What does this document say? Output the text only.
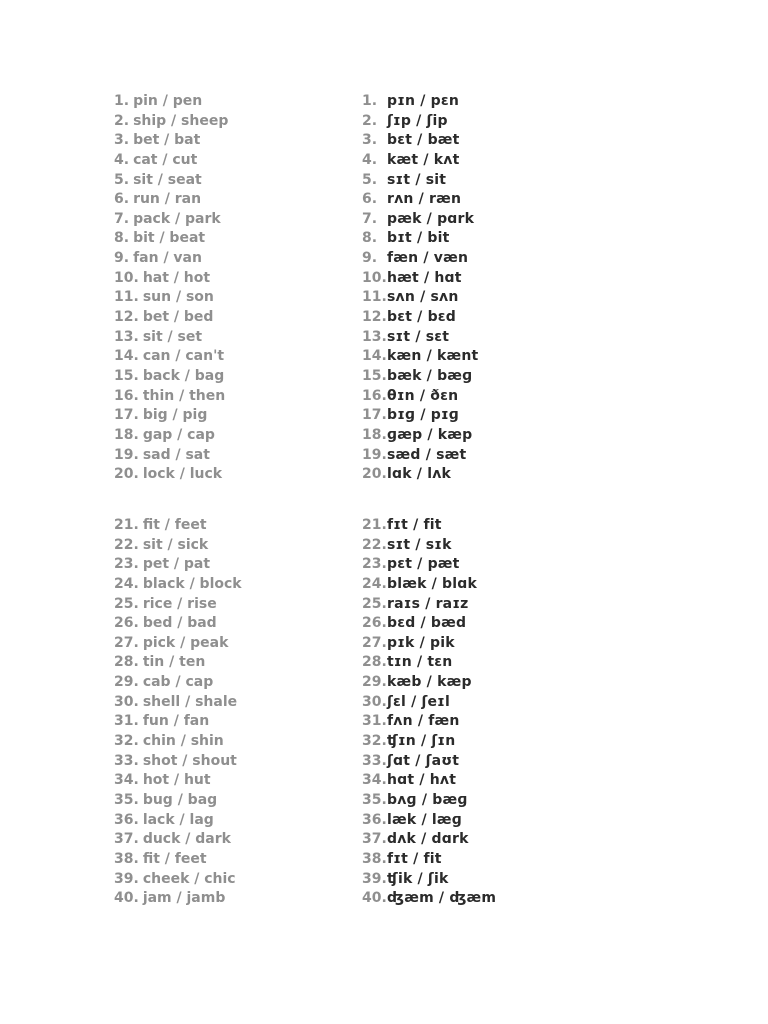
1. pin / pen
2. ship / sheep
3. bet / bat
4. cat / cut
5. sit / seat
6. run / ran
7. pack / park
8. bit / beat
9. fan / van
10. hat / hot
11. sun / son
12. bet / bed
13. sit / set
14. can / can't
15. back / bag
16. thin / then
17. big / pig
18. gap / cap
19. sad / sat
20. lock / luck
1. pɪn / pɛn
2. ʃɪp / ʃip
3. bɛt / bæt
4. kæt / kʌt
5. sɪt / sit
6. rʌn / ræn
7. pæk / pɑrk
8. bɪt / bit
9. fæn / væn
10.hæt / hɑt
11.sʌn / sʌn
12.bɛt / bɛd
13.sɪt / sɛt
14.kæn / kænt
15.bæk / bæɡ
16.θɪn / ðɛn
17.bɪɡ / pɪɡ
18.ɡæp / kæp
19.sæd / sæt
20.lɑk / lʌk
21. fit / feet
22. sit / sick
23. pet / pat
24. black / block
25. rice / rise
26. bed / bad
27. pick / peak
28. tin / ten
29. cab / cap
30. shell / shale
31. fun / fan
32. chin / shin
33. shot / shout
34. hot / hut
35. bug / bag
36. lack / lag
37. duck / dark
38. fit / feet
39. cheek / chic
40. jam / jamb
21.fɪt / fit
22.sɪt / sɪk
23.pɛt / pæt
24.blæk / blɑk
25.raɪs / raɪz
26.bɛd / bæd
27.pɪk / pik
28.tɪn / tɛn
29.kæb / kæp
30.ʃɛl / ʃeɪl
31.fʌn / fæn
32.ʧɪn / ʃɪn
33.ʃɑt / ʃaʊt
34.hɑt / hʌt
35.bʌɡ / bæɡ
36.læk / læɡ
37.dʌk / dɑrk
38.fɪt / fit
39.ʧik / ʃik
40.ʤæm / ʤæm
